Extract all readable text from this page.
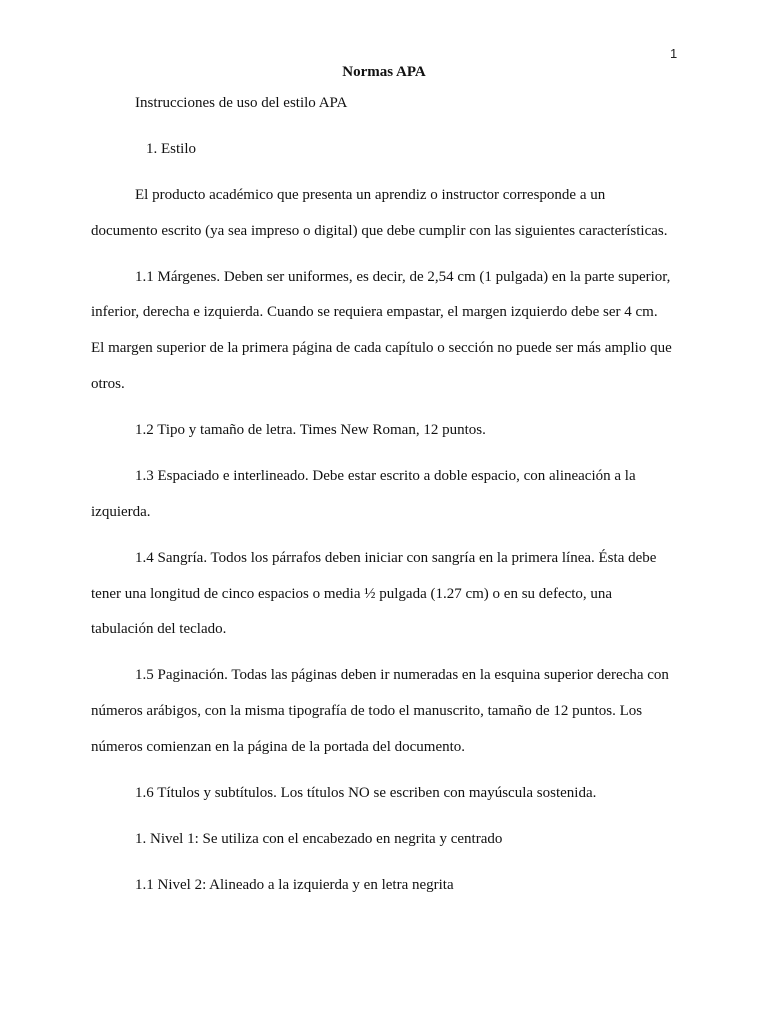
1
Normas APA
Instrucciones de uso del estilo APA
1. Estilo
El producto académico que presenta un aprendiz o instructor corresponde a un
documento escrito (ya sea impreso o digital) que debe cumplir con las siguientes características.
1.1 Márgenes. Deben ser uniformes, es decir, de 2,54 cm (1 pulgada) en la parte superior,
inferior, derecha e izquierda. Cuando se requiera empastar, el margen izquierdo debe ser 4 cm.
El margen superior de la primera página de cada capítulo o sección no puede ser más amplio que
otros.
1.2 Tipo y tamaño de letra. Times New Roman, 12 puntos.
1.3 Espaciado e interlineado. Debe estar escrito a doble espacio, con alineación a la
izquierda.
1.4 Sangría. Todos los párrafos deben iniciar con sangría en la primera línea. Ésta debe
tener una longitud de cinco espacios o media ½ pulgada (1.27 cm) o en su defecto, una
tabulación del teclado.
1.5 Paginación. Todas las páginas deben ir numeradas en la esquina superior derecha con
números arábigos, con la misma tipografía de todo el manuscrito, tamaño de 12 puntos. Los
números comienzan en la página de la portada del documento.
1.6 Títulos y subtítulos. Los títulos NO se escriben con mayúscula sostenida.
1. Nivel 1: Se utiliza con el encabezado en negrita y centrado
1.1 Nivel 2: Alineado a la izquierda y en letra negrita
